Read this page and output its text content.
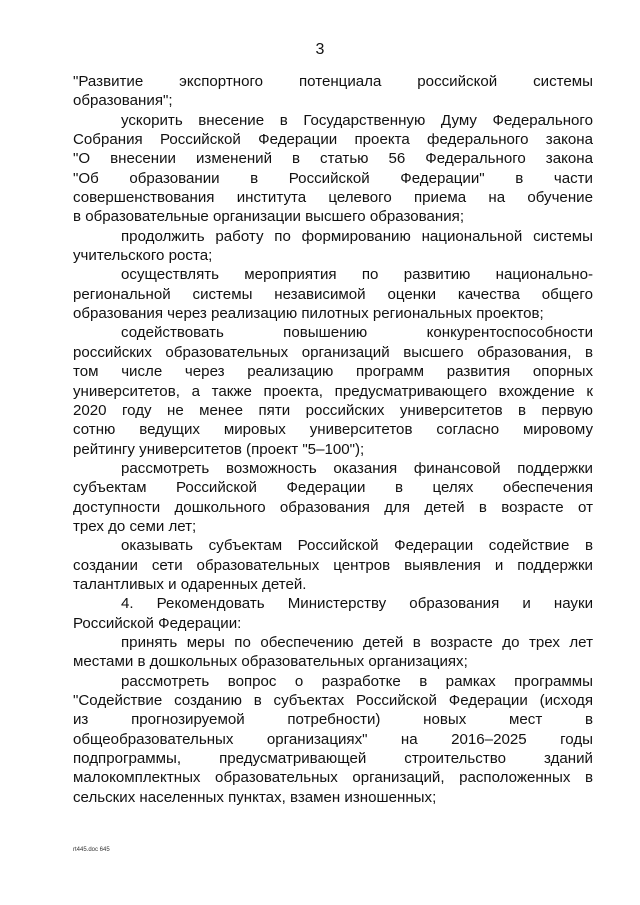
3
"Развитие экспортного потенциала российской системы
образования";
ускорить внесение в Государственную Думу Федерального
Собрания Российской Федерации проекта федерального закона
"О внесении изменений в статью 56 Федерального закона
"Об образовании в Российской Федерации" в части
совершенствования института целевого приема на обучение
в образовательные организации высшего образования;
продолжить работу по формированию национальной системы
учительского роста;
осуществлять мероприятия по развитию национально-
региональной системы независимой оценки качества общего
образования через реализацию пилотных региональных проектов;
содействовать повышению конкурентоспособности
российских образовательных организаций высшего образования, в
том числе через реализацию программ развития опорных
университетов, а также проекта, предусматривающего вхождение к
2020 году не менее пяти российских университетов в первую
сотню ведущих мировых университетов согласно мировому
рейтингу университетов (проект "5–100");
рассмотреть возможность оказания финансовой поддержки
субъектам Российской Федерации в целях обеспечения
доступности дошкольного образования для детей в возрасте от
трех до семи лет;
оказывать субъектам Российской Федерации содействие в
создании сети образовательных центров выявления и поддержки
талантливых и одаренных детей.
4. Рекомендовать Министерству образования и науки
Российской Федерации:
принять меры по обеспечению детей в возрасте до трех лет
местами в дошкольных образовательных организациях;
рассмотреть вопрос о разработке в рамках программы
"Содействие созданию в субъектах Российской Федерации (исходя
из прогнозируемой потребности) новых мест в
общеобразовательных организациях" на 2016–2025 годы
подпрограммы, предусматривающей строительство зданий
малокомплектных образовательных организаций, расположенных в
сельских населенных пунктах, взамен изношенных;
rt445.doc 645
